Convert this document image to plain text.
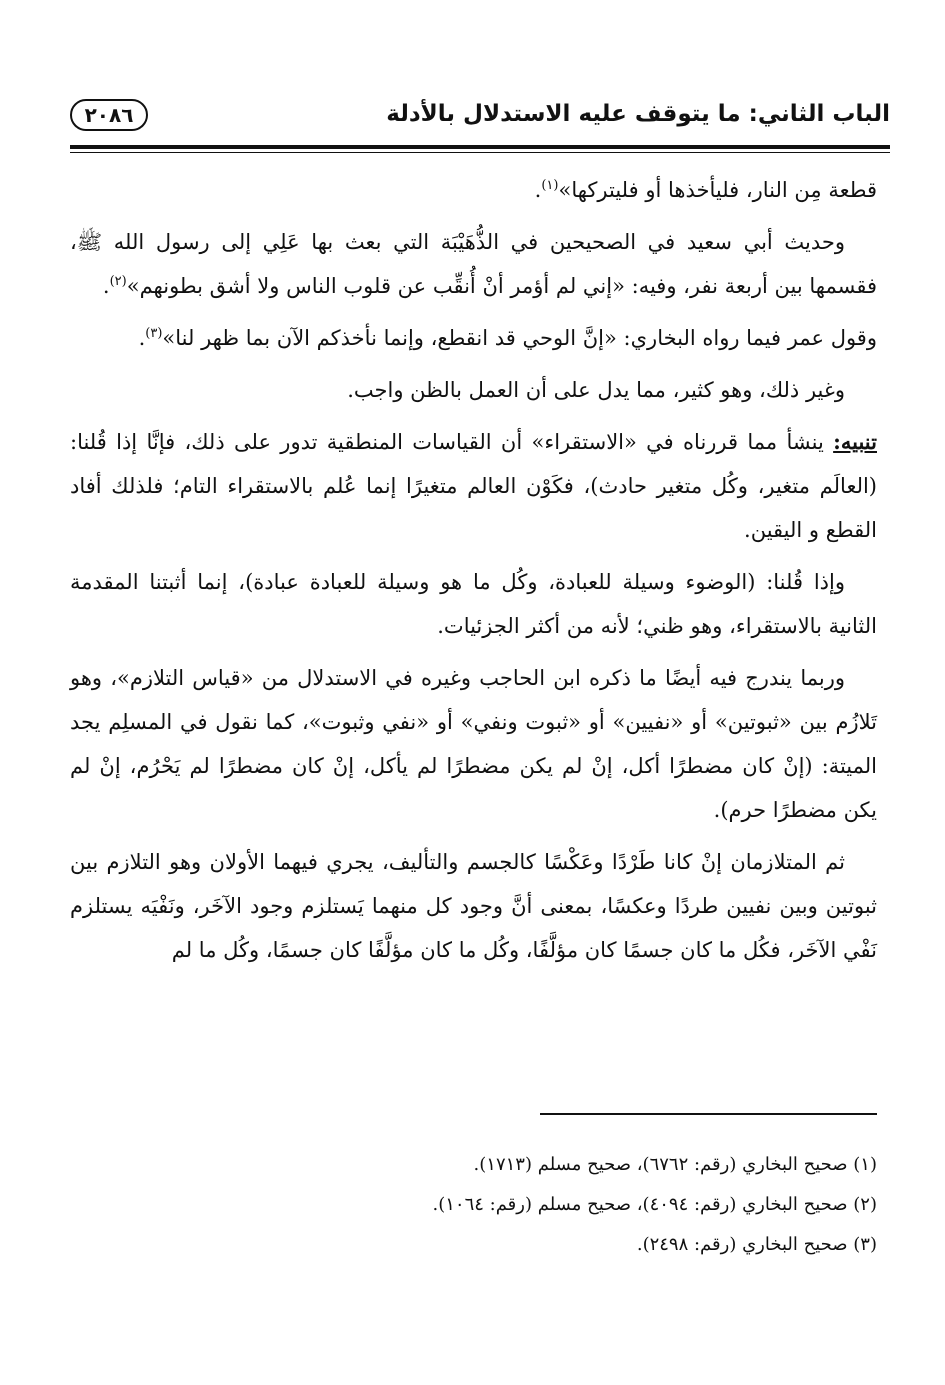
الباب الثاني: ما يتوقف عليه الاستدلال بالأدلة
٢٠٨٦

قطعة مِن النار، فليأخذها أو فليتركها»$^{(١)}$.

وحديث أبي سعيد في الصحيحين في الذُّهَيْبَة التي بعث بها عَلِي إلى رسول الله ﷺ، فقسمها بين أربعة نفر، وفيه: «إني لم أؤمر أنْ أُنقِّب عن قلوب الناس ولا أشق بطونهم»$^{(٢)}$.

وقول عمر فيما رواه البخاري: «إنَّ الوحي قد انقطع، وإنما نأخذكم الآن بما ظهر لنا»$^{(٣)}$.

وغير ذلك، وهو كثير، مما يدل على أن العمل بالظن واجب.

تنبيه: ينشأ مما قررناه في «الاستقراء» أن القياسات المنطقية تدور على ذلك، فإنَّا إذا قُلنا: (العالَم متغير، وكُل متغير حادث)، فكَوْن العالم متغيرًا إنما عُلم بالاستقراء التام؛ فلذلك أفاد القطع و اليقين.

وإذا قُلنا: (الوضوء وسيلة للعبادة، وكُل ما هو وسيلة للعبادة عبادة)، إنما أثبتنا المقدمة الثانية بالاستقراء، وهو ظني؛ لأنه من أكثر الجزئيات.

وربما يندرج فيه أيضًا ما ذكره ابن الحاجب وغيره في الاستدلال من «قياس التلازم»، وهو تَلازُم بين «ثبوتين» أو «نفيين» أو «ثبوت ونفي» أو «نفي وثبوت»، كما نقول في المسلِم يجد الميتة: (إنْ كان مضطرًا أكل، إنْ لم يكن مضطرًا لم يأكل، إنْ كان مضطرًا لم يَحْرُم، إنْ لم يكن مضطرًا حرم).

ثم المتلازمان إنْ كانا طَرْدًا وعَكْسًا كالجسم والتأليف، يجري فيهما الأولان وهو التلازم بين ثبوتين وبين نفيين طردًا وعكسًا، بمعنى أنَّ وجود كل منهما يَستلزم وجود الآخَر، ونَفْيَه يستلزم نَفْي الآخَر، فكُل ما كان جسمًا كان مؤلَّفًا، وكُل ما كان مؤلَّفًا كان جسمًا، وكُل ما لم

(١) صحيح البخاري (رقم: ٦٧٦٢)، صحيح مسلم (١٧١٣).
(٢) صحيح البخاري (رقم: ٤٠٩٤)، صحيح مسلم (رقم: ١٠٦٤).
(٣) صحيح البخاري (رقم: ٢٤٩٨).
